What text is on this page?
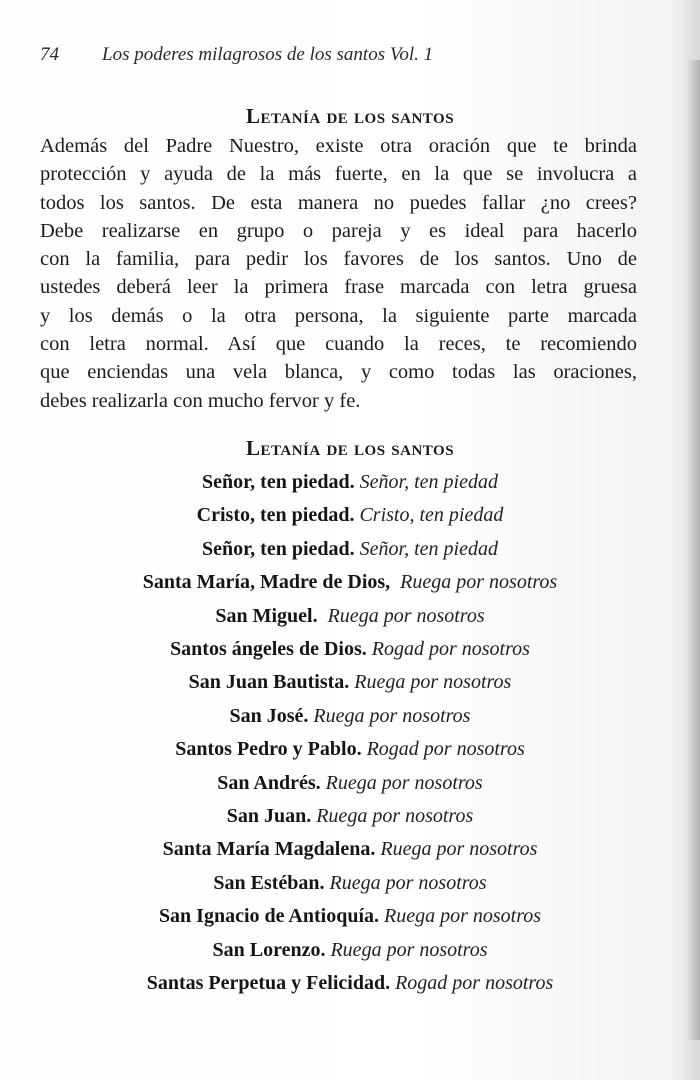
74 Los poderes milagrosos de los santos Vol. 1
Letanía de los santos
Además del Padre Nuestro, existe otra oración que te brinda
protección y ayuda de la más fuerte, en la que se involucra a
todos los santos. De esta manera no puedes fallar ¿no crees?
Debe realizarse en grupo o pareja y es ideal para hacerlo
con la familia, para pedir los favores de los santos. Uno de
ustedes deberá leer la primera frase marcada con letra gruesa
y los demás o la otra persona, la siguiente parte marcada
con letra normal. Así que cuando la reces, te recomiendo
que enciendas una vela blanca, y como todas las oraciones,
debes realizarla con mucho fervor y fe.
Letanía de los santos
Señor, ten piedad. Señor, ten piedad
Cristo, ten piedad. Cristo, ten piedad
Señor, ten piedad. Señor, ten piedad
Santa María, Madre de Dios, Ruega por nosotros
San Miguel. Ruega por nosotros
Santos ángeles de Dios. Rogad por nosotros
San Juan Bautista. Ruega por nosotros
San José. Ruega por nosotros
Santos Pedro y Pablo. Rogad por nosotros
San Andrés. Ruega por nosotros
San Juan. Ruega por nosotros
Santa María Magdalena. Ruega por nosotros
San Estéban. Ruega por nosotros
San Ignacio de Antioquía. Ruega por nosotros
San Lorenzo. Ruega por nosotros
Santas Perpetua y Felicidad. Rogad por nosotros
